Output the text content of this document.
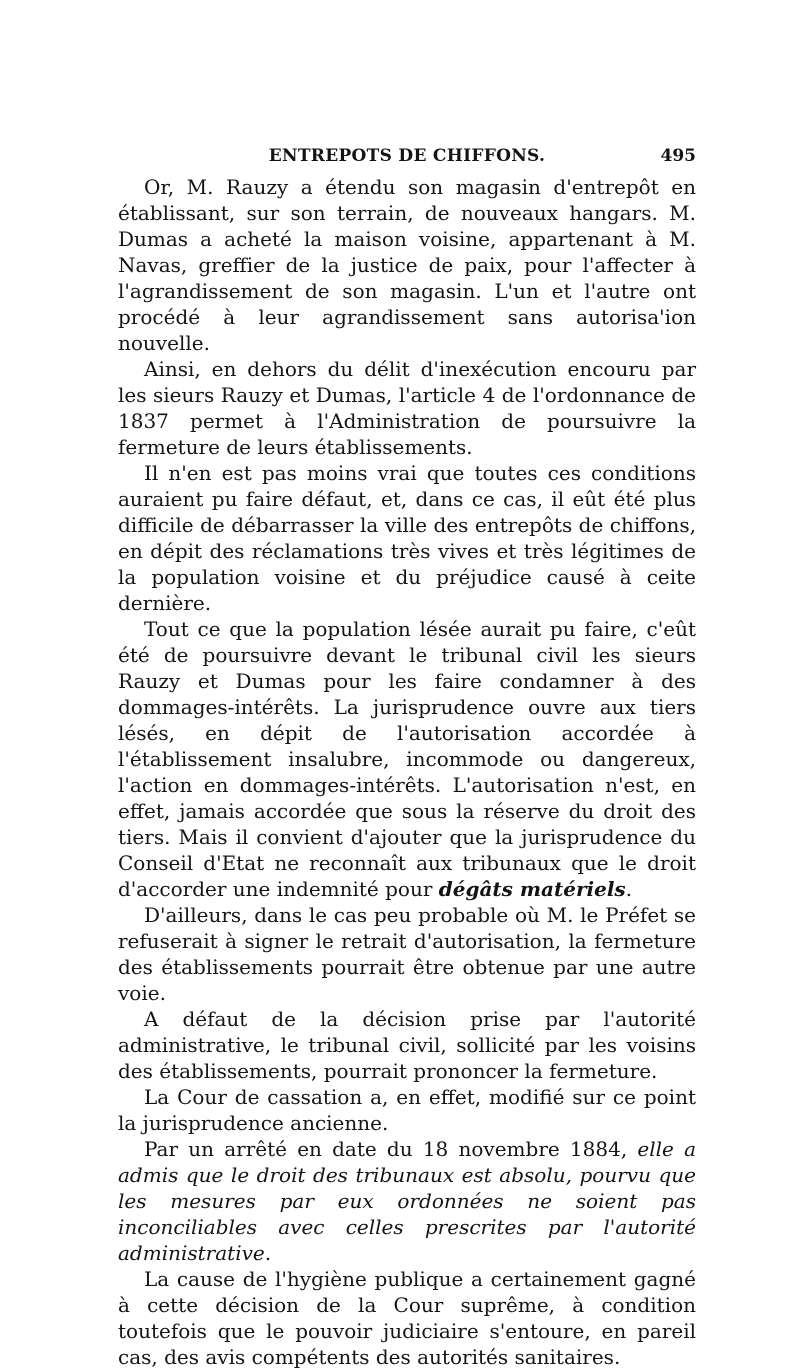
ENTREPOTS DE CHIFFONS.	495

Or, M. Rauzy a étendu son magasin d'entrepôt en établissant, sur son terrain, de nouveaux hangars. M. Dumas a acheté la maison voisine, appartenant à M. Navas, greffier de la justice de paix, pour l'affecter à l'agrandissement de son magasin. L'un et l'autre ont procédé à leur agrandissement sans autorisa'ion nouvelle.

Ainsi, en dehors du délit d'inexécution encouru par les sieurs Rauzy et Dumas, l'article 4 de l'ordonnance de 1837 permet à l'Administration de poursuivre la fermeture de leurs établissements.

Il n'en est pas moins vrai que toutes ces conditions auraient pu faire défaut, et, dans ce cas, il eût été plus difficile de débarrasser la ville des entrepôts de chiffons, en dépit des réclamations très vives et très légitimes de la population voisine et du préjudice causé à ceite dernière.

Tout ce que la population lésée aurait pu faire, c'eût été de poursuivre devant le tribunal civil les sieurs Rauzy et Dumas pour les faire condamner à des dommages-intérêts. La jurisprudence ouvre aux tiers lésés, en dépit de l'autorisation accordée à l'établissement insalubre, incommode ou dangereux, l'action en dommages-intérêts. L'autorisation n'est, en effet, jamais accordée que sous la réserve du droit des tiers. Mais il convient d'ajouter que la jurisprudence du Conseil d'Etat ne reconnaît aux tribunaux que le droit d'accorder une indemnité pour dégâts matériels.

D'ailleurs, dans le cas peu probable où M. le Préfet se refuserait à signer le retrait d'autorisation, la fermeture des établissements pourrait être obtenue par une autre voie.

A défaut de la décision prise par l'autorité administrative, le tribunal civil, sollicité par les voisins des établissements, pourrait prononcer la fermeture.

La Cour de cassation a, en effet, modifié sur ce point la jurisprudence ancienne.

Par un arrêté en date du 18 novembre 1884, elle a admis que le droit des tribunaux est absolu, pourvu que les mesures par eux ordonnées ne soient pas inconciliables avec celles prescrites par l'autorité administrative.

La cause de l'hygiène publique a certainement gagné à cette décision de la Cour suprême, à condition toutefois que le pouvoir judiciaire s'entoure, en pareil cas, des avis compétents des autorités sanitaires.
